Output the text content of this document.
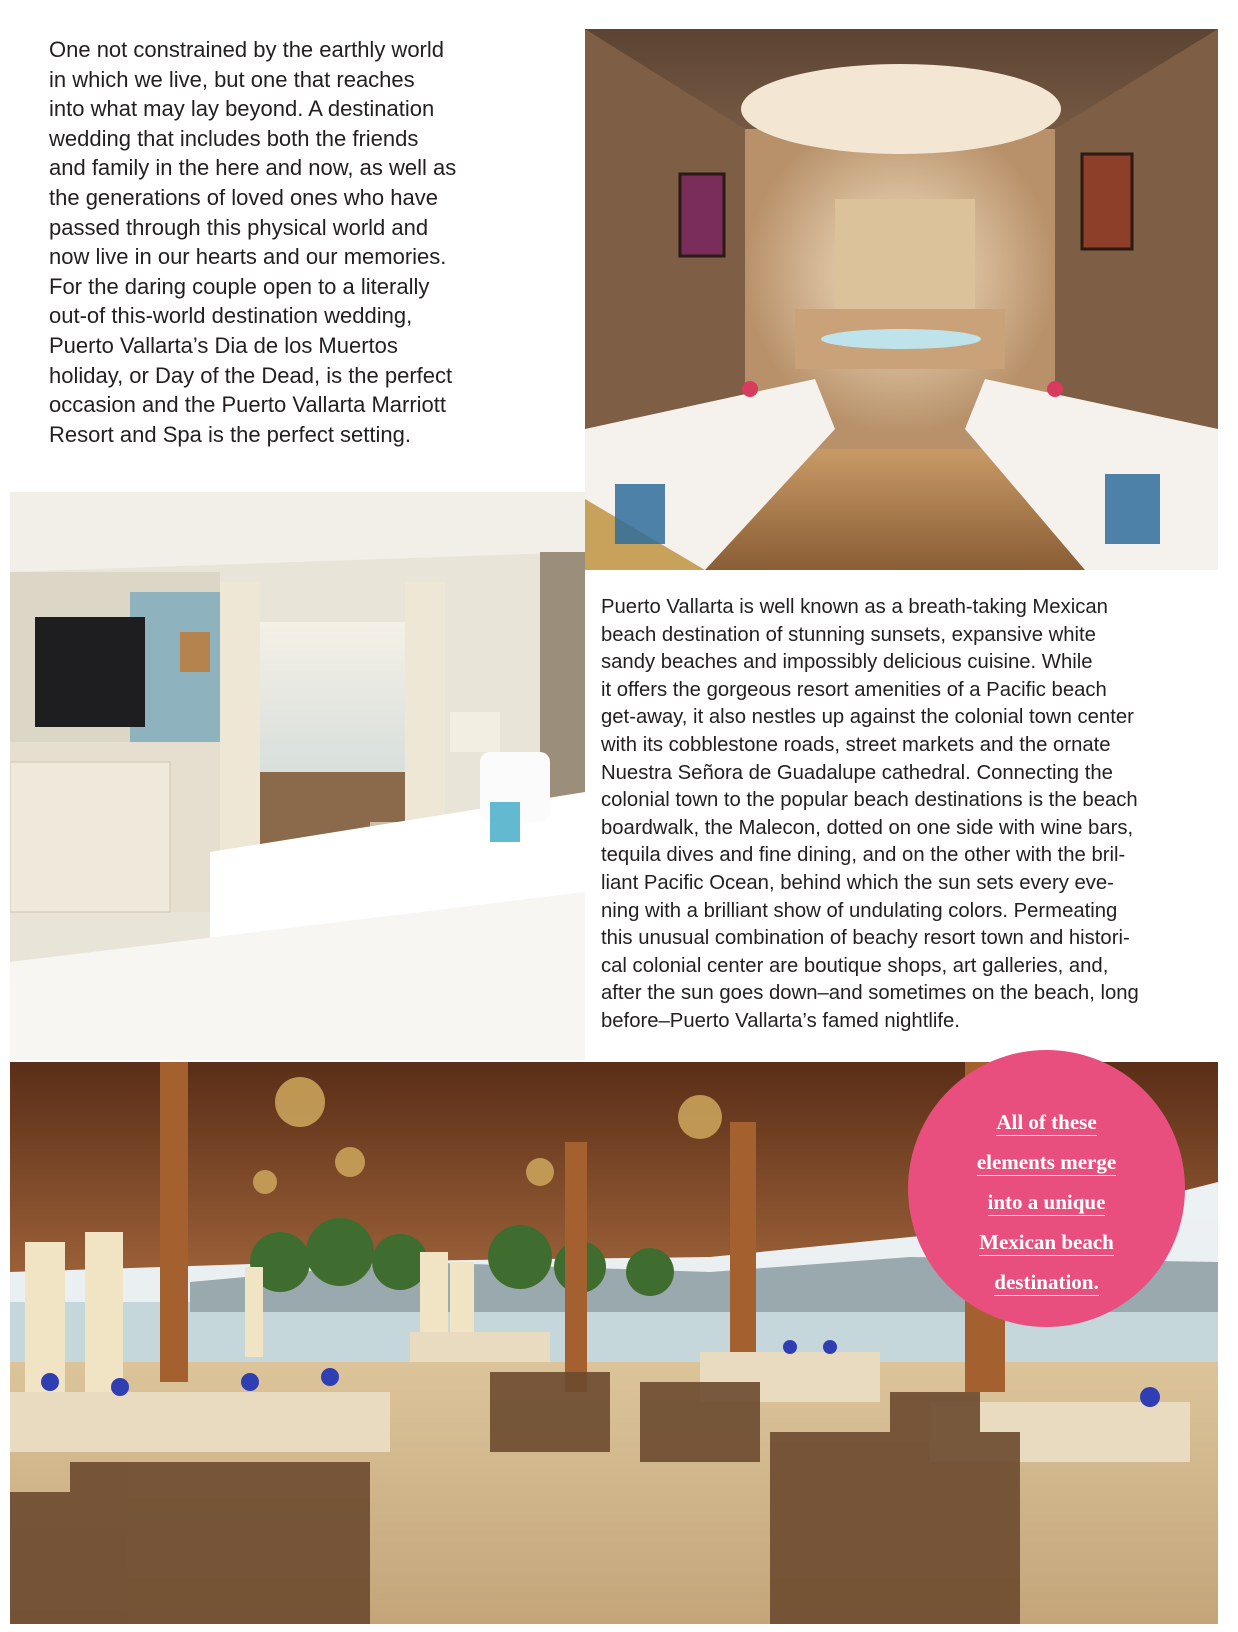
One not constrained by the earthly world
in which we live, but one that reaches
into what may lay beyond. A destination
wedding that includes both the friends
and family in the here and now, as well as
the generations of loved ones who have
passed through this physical world and
now live in our hearts and our memories.
For the daring couple open to a literally
out-of this-world destination wedding,
Puerto Vallarta’s Dia de los Muertos
holiday, or Day of the Dead, is the perfect
occasion and the Puerto Vallarta Marriott
Resort and Spa is the perfect setting.
Puerto Vallarta is well known as a breath-taking Mexican
beach destination of stunning sunsets, expansive white
sandy beaches and impossibly delicious cuisine. While
it offers the gorgeous resort amenities of a Pacific beach
get-away, it also nestles up against the colonial town center
with its cobblestone roads, street markets and the ornate
Nuestra Señora de Guadalupe cathedral. Connecting the
colonial town to the popular beach destinations is the beach
boardwalk, the Malecon, dotted on one side with wine bars,
tequila dives and fine dining, and on the other with the bril-
liant Pacific Ocean, behind which the sun sets every eve-
ning with a brilliant show of undulating colors. Permeating
this unusual combination of beachy resort town and histori-
cal colonial center are boutique shops, art galleries, and,
after the sun goes down–and sometimes on the beach, long
before–Puerto Vallarta’s famed nightlife.
All of these
elements merge
into a unique
Mexican beach
destination.
